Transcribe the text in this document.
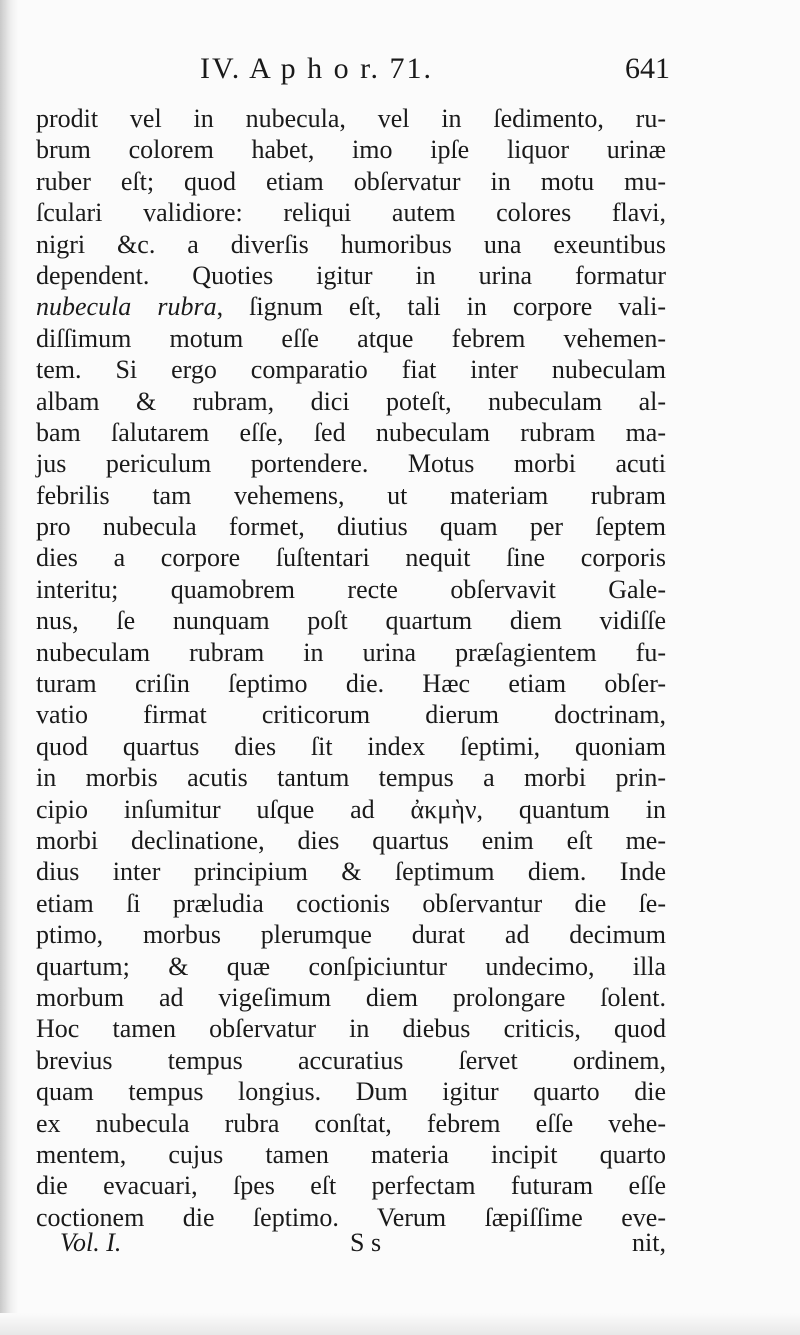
IV. A p h o r. 71.	641
prodit vel in nubecula, vel in ſedimento, ru-
brum colorem habet, imo ipſe liquor urinæ
ruber eſt; quod etiam obſervatur in motu mu-
ſculari validiore: reliqui autem colores flavi,
nigri &c. a diverſis humoribus una exeuntibus
dependent. Quoties igitur in urina formatur
nubecula rubra, ſignum eſt, tali in corpore vali-
diſſimum motum eſſe atque febrem vehemen-
tem. Si ergo comparatio fiat inter nubeculam
albam & rubram, dici poteſt, nubeculam al-
bam ſalutarem eſſe, ſed nubeculam rubram ma-
jus periculum portendere. Motus morbi acuti
febrilis tam vehemens, ut materiam rubram
pro nubecula formet, diutius quam per ſeptem
dies a corpore ſuſtentari nequit ſine corporis
interitu; quamobrem recte obſervavit Gale-
nus, ſe nunquam poſt quartum diem vidiſſe
nubeculam rubram in urina præſagientem fu-
turam criſin ſeptimo die. Hæc etiam obſer-
vatio firmat criticorum dierum doctrinam,
quod quartus dies ſit index ſeptimi, quoniam
in morbis acutis tantum tempus a morbi prin-
cipio inſumitur uſque ad ἀκμὴν, quantum in
morbi declinatione, dies quartus enim eſt me-
dius inter principium & ſeptimum diem. Inde
etiam ſi præludia coctionis obſervantur die ſe-
ptimo, morbus plerumque durat ad decimum
quartum; & quæ conſpiciuntur undecimo, illa
morbum ad vigeſimum diem prolongare ſolent.
Hoc tamen obſervatur in diebus criticis, quod
brevius tempus accuratius ſervet ordinem,
quam tempus longius. Dum igitur quarto die
ex nubecula rubra conſtat, febrem eſſe vehe-
mentem, cujus tamen materia incipit quarto
die evacuari, ſpes eſt perfectam futuram eſſe
coctionem die ſeptimo. Verum ſæpiſſime eve-
Vol. I.	S s	nit,
